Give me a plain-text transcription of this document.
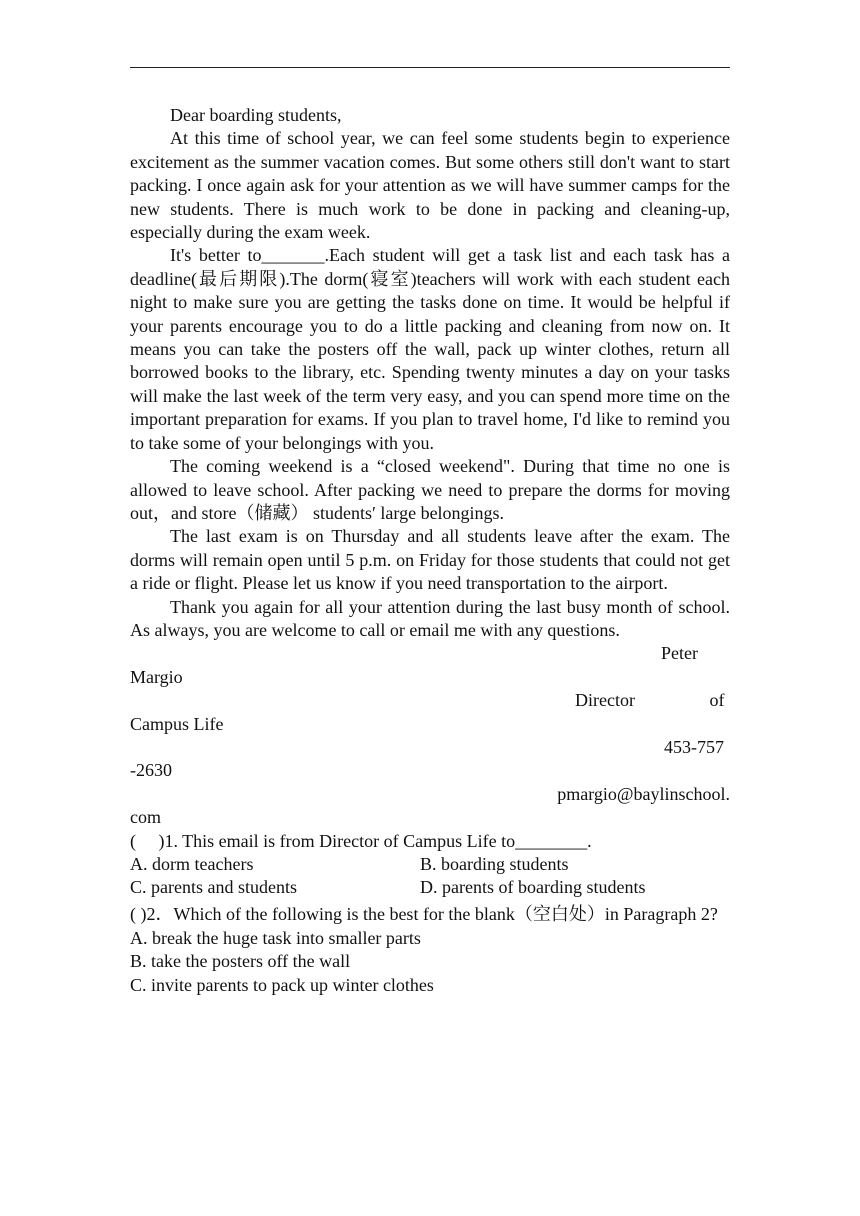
Dear boarding students,

At this time of school year, we can feel some students begin to experience excitement as the summer vacation comes. But some others still don't want to start packing. I once again ask for your attention as we will have summer camps for the new students. There is much work to be done in packing and cleaning-up, especially during the exam week.

It's better to_______.Each student will get a task list and each task has a deadline(最后期限).The dorm(寝室)teachers will work with each student each night to make sure you are getting the tasks done on time. It would be helpful if your parents encourage you to do a little packing and cleaning from now on. It means you can take the posters off the wall, pack up winter clothes, return all borrowed books to the library, etc. Spending twenty minutes a day on your tasks will make the last week of the term very easy, and you can spend more time on the important preparation for exams. If you plan to travel home, I'd like to remind you to take some of your belongings with you.

The coming weekend is a “closed weekend". During that time no one is allowed to leave school. After packing we need to prepare the dorms for moving out，and store（储藏） students′ large belongings.

The last exam is on Thursday and all students leave after the exam. The dorms will remain open until 5 p.m. on Friday for those students that could not get a ride or flight. Please let us know if you need transportation to the airport.

Thank you again for all your attention during the last busy month of school. As always, you are welcome to call or email me with any questions.

Peter
Margio

Director of
Campus Life

453-757
-2630

pmargio@baylinschool.
com

(     )1. This email is from Director of Campus Life to________.

A. dorm teachers	B. boarding students
C. parents and students	D. parents of boarding students

( )2．Which of the following is the best for the blank（空白处）in Paragraph 2?

A. break the huge task into smaller parts

B. take the posters off the wall

C. invite parents to pack up winter clothes
